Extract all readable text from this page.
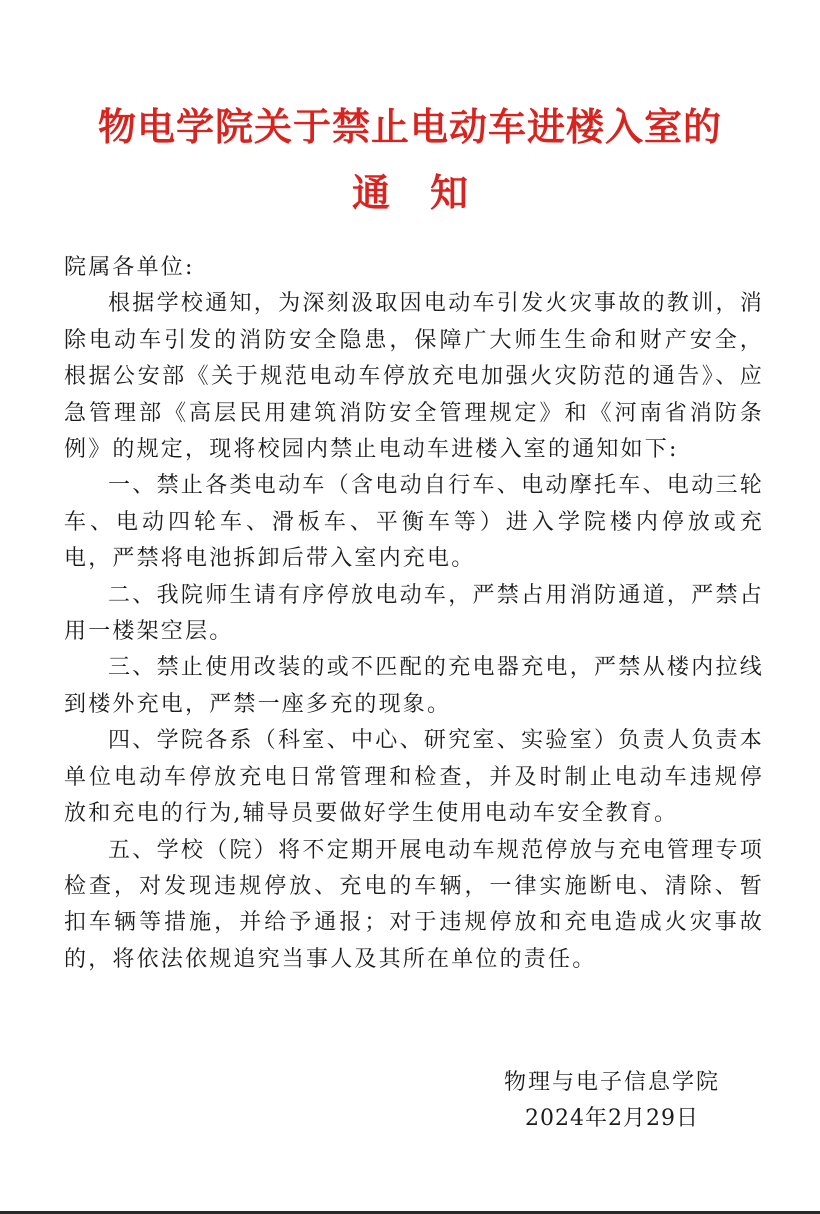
物电学院关于禁止电动车进楼入室的
通知

院属各单位:

根据学校通知，为深刻汲取因电动车引发火灾事故的教训，消除电动车引发的消防安全隐患，保障广大师生生命和财产安全，根据公安部《关于规范电动车停放充电加强火灾防范的通告》、应急管理部《高层民用建筑消防安全管理规定》和《河南省消防条例》的规定，现将校园内禁止电动车进楼入室的通知如下:

一、禁止各类电动车（含电动自行车、电动摩托车、电动三轮车、电动四轮车、滑板车、平衡车等）进入学院楼内停放或充电，严禁将电池拆卸后带入室内充电。

二、我院师生请有序停放电动车，严禁占用消防通道，严禁占用一楼架空层。

三、禁止使用改装的或不匹配的充电器充电，严禁从楼内拉线到楼外充电，严禁一座多充的现象。

四、学院各系（科室、中心、研究室、实验室）负责人负责本单位电动车停放充电日常管理和检查，并及时制止电动车违规停放和充电的行为,辅导员要做好学生使用电动车安全教育。

五、学校（院）将不定期开展电动车规范停放与充电管理专项检查，对发现违规停放、充电的车辆，一律实施断电、清除、暂扣车辆等措施，并给予通报；对于违规停放和充电造成火灾事故的，将依法依规追究当事人及其所在单位的责任。

物理与电子信息学院
2024年2月29日
